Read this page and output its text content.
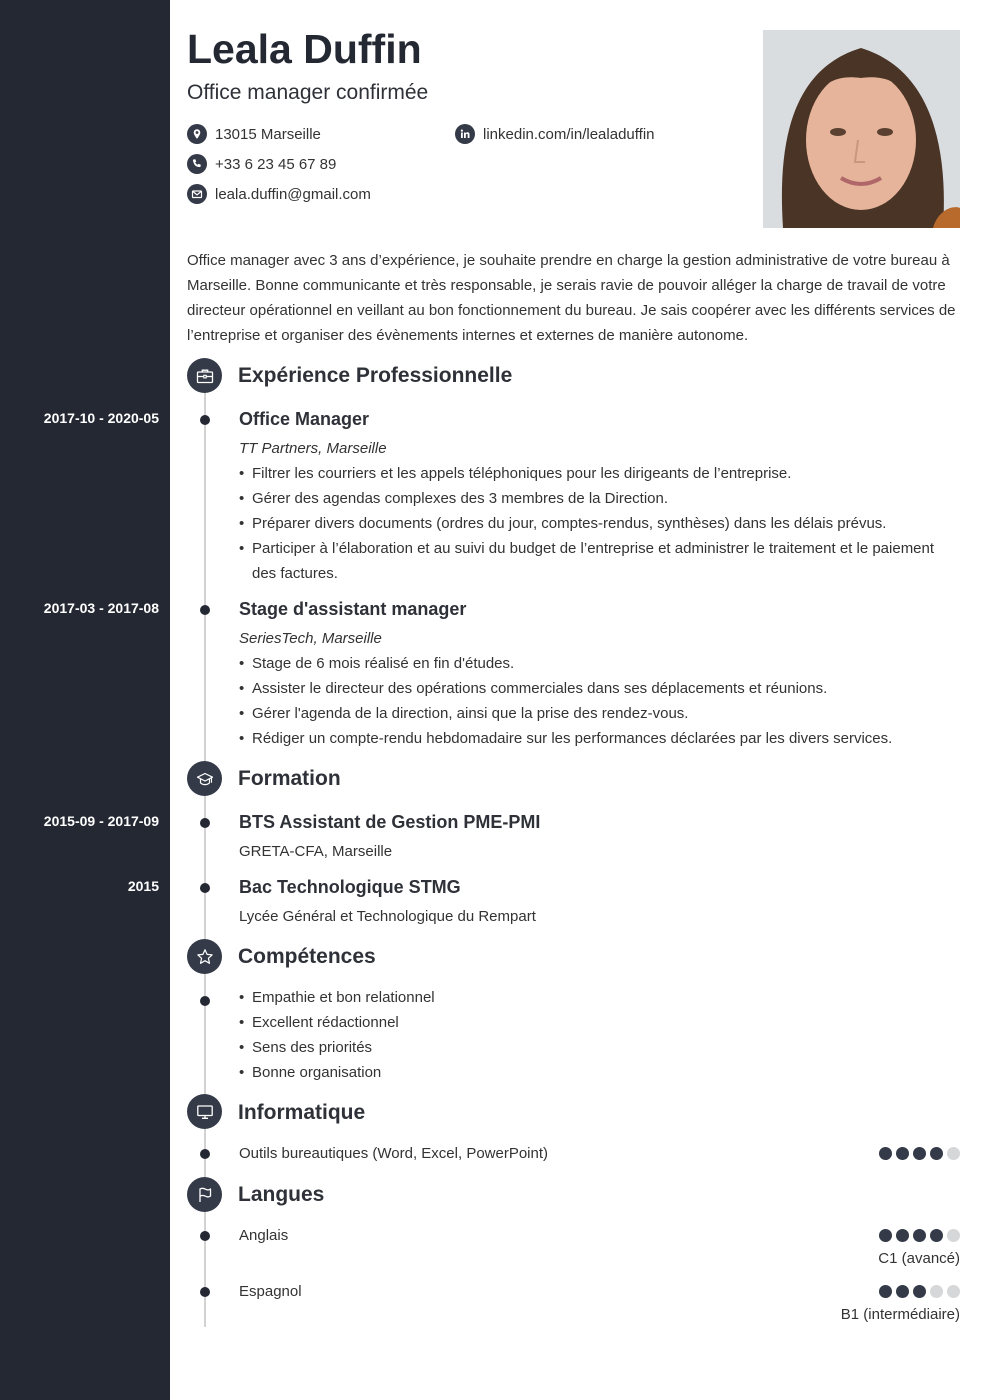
Leala Duffin
Office manager confirmée
13015 Marseille
+33 6 23 45 67 89
leala.duffin@gmail.com
linkedin.com/in/lealaduffin

Office manager avec 3 ans d’expérience, je souhaite prendre en charge la gestion administrative de votre bureau à Marseille. Bonne communicante et très responsable, je serais ravie de pouvoir alléger la charge de travail de votre directeur opérationnel en veillant au bon fonctionnement du bureau. Je sais coopérer avec les différents services de l’entreprise et organiser des évènements internes et externes de manière autonome.

Expérience Professionnelle
2017-10 - 2020-05	Office Manager
TT Partners, Marseille
• Filtrer les courriers et les appels téléphoniques pour les dirigeants de l’entreprise.
• Gérer des agendas complexes des 3 membres de la Direction.
• Préparer divers documents (ordres du jour, comptes-rendus, synthèses) dans les délais prévus.
• Participer à l’élaboration et au suivi du budget de l’entreprise et administrer le traitement et le paiement des factures.
2017-03 - 2017-08	Stage d'assistant manager
SeriesTech, Marseille
• Stage de 6 mois réalisé en fin d'études.
• Assister le directeur des opérations commerciales dans ses déplacements et réunions.
• Gérer l'agenda de la direction, ainsi que la prise des rendez-vous.
• Rédiger un compte-rendu hebdomadaire sur les performances déclarées par les divers services.
Formation
2015-09 - 2017-09	BTS Assistant de Gestion PME-PMI
GRETA-CFA, Marseille
2015	Bac Technologique STMG
Lycée Général et Technologique du Rempart
Compétences
• Empathie et bon relationnel
• Excellent rédactionnel
• Sens des priorités
• Bonne organisation
Informatique
Outils bureautiques (Word, Excel, PowerPoint)
Langues
Anglais
C1 (avancé)
Espagnol
B1 (intermédiaire)
